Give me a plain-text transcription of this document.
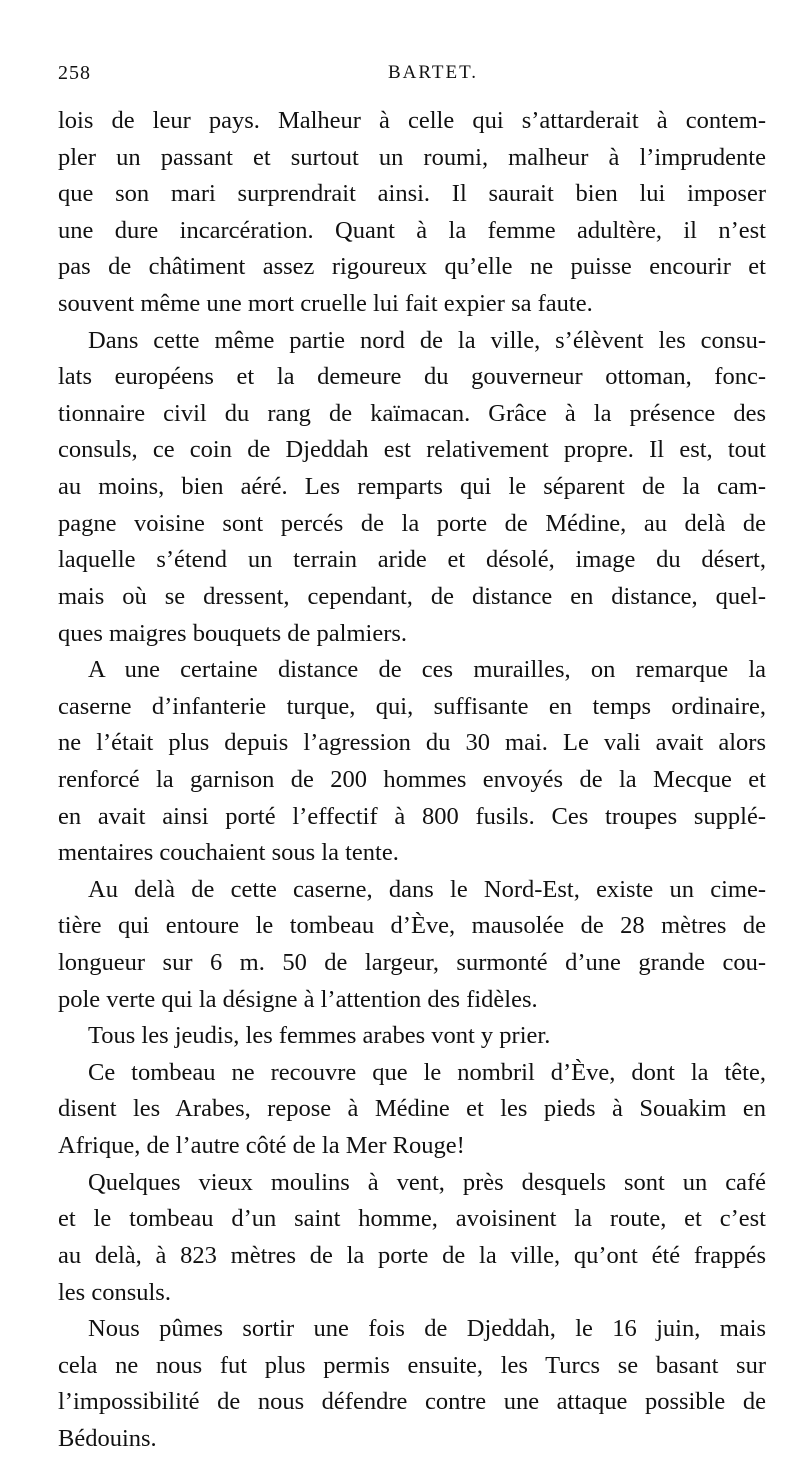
258	BARTET.
lois de leur pays. Malheur à celle qui s’attarderait à contem-
pler un passant et surtout un roumi, malheur à l’imprudente
que son mari surprendrait ainsi. Il saurait bien lui imposer
une dure incarcération. Quant à la femme adultère, il n’est
pas de châtiment assez rigoureux qu’elle ne puisse encourir et
souvent même une mort cruelle lui fait expier sa faute.
Dans cette même partie nord de la ville, s’élèvent les consu-
lats européens et la demeure du gouverneur ottoman, fonc-
tionnaire civil du rang de kaïmacan. Grâce à la présence des
consuls, ce coin de Djeddah est relativement propre. Il est, tout
au moins, bien aéré. Les remparts qui le séparent de la cam-
pagne voisine sont percés de la porte de Médine, au delà de
laquelle s’étend un terrain aride et désolé, image du désert,
mais où se dressent, cependant, de distance en distance, quel-
ques maigres bouquets de palmiers.
A une certaine distance de ces murailles, on remarque la
caserne d’infanterie turque, qui, suffisante en temps ordinaire,
ne l’était plus depuis l’agression du 30 mai. Le vali avait alors
renforcé la garnison de 200 hommes envoyés de la Mecque et
en avait ainsi porté l’effectif à 800 fusils. Ces troupes supplé-
mentaires couchaient sous la tente.
Au delà de cette caserne, dans le Nord-Est, existe un cime-
tière qui entoure le tombeau d’Ève, mausolée de 28 mètres de
longueur sur 6 m. 50 de largeur, surmonté d’une grande cou-
pole verte qui la désigne à l’attention des fidèles.
Tous les jeudis, les femmes arabes vont y prier.
Ce tombeau ne recouvre que le nombril d’Ève, dont la tête,
disent les Arabes, repose à Médine et les pieds à Souakim en
Afrique, de l’autre côté de la Mer Rouge!
Quelques vieux moulins à vent, près desquels sont un café
et le tombeau d’un saint homme, avoisinent la route, et c’est
au delà, à 823 mètres de la porte de la ville, qu’ont été frappés
les consuls.
Nous pûmes sortir une fois de Djeddah, le 16 juin, mais
cela ne nous fut plus permis ensuite, les Turcs se basant sur
l’impossibilité de nous défendre contre une attaque possible de
Bédouins.
